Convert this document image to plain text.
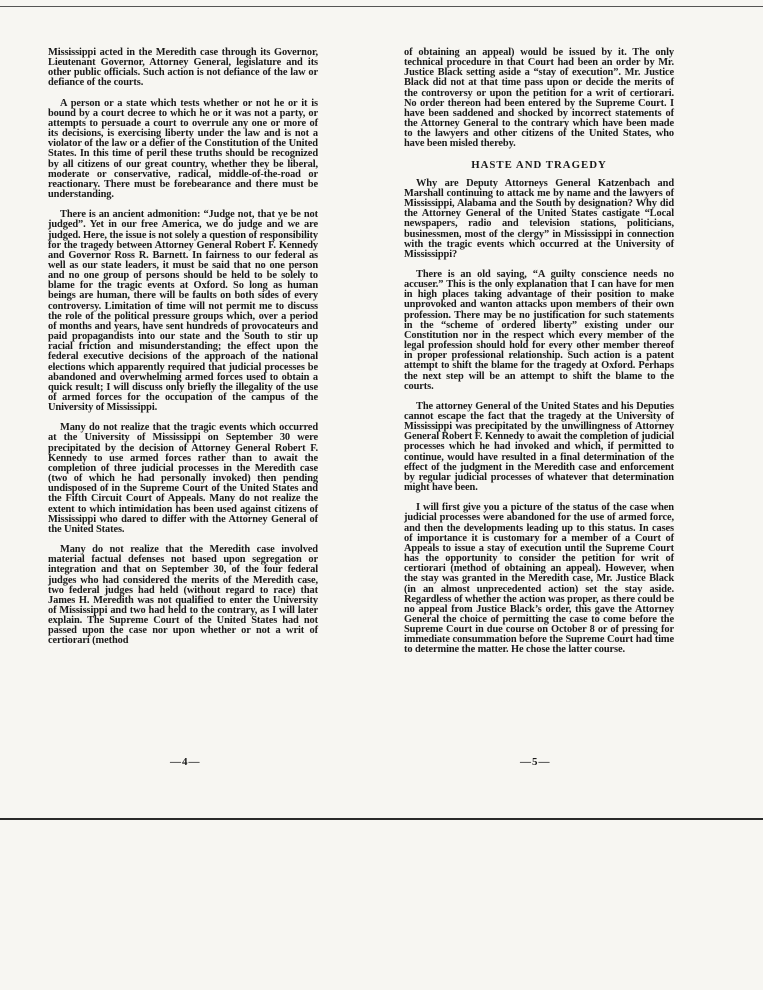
Mississippi acted in the Meredith case through its Governor, Lieutenant Governor, Attorney General, legislature and its other public officials. Such action is not defiance of the law or defiance of the courts.

A person or a state which tests whether or not he or it is bound by a court decree to which he or it was not a party, or attempts to persuade a court to overrule any one or more of its decisions, is exercising liberty under the law and is not a violator of the law or a defier of the Constitution of the United States. In this time of peril these truths should be recognized by all citizens of our great country, whether they be liberal, moderate or conservative, radical, middle-of-the-road or reactionary. There must be forebearance and there must be understanding.

There is an ancient admonition: “Judge not, that ye be not judged”. Yet in our free America, we do judge and we are judged. Here, the issue is not solely a question of responsibility for the tragedy between Attorney General Robert F. Kennedy and Governor Ross R. Barnett. In fairness to our federal as well as our state leaders, it must be said that no one person and no one group of persons should be held to be solely to blame for the tragic events at Oxford. So long as human beings are human, there will be faults on both sides of every controversy. Limitation of time will not permit me to discuss the role of the political pressure groups which, over a period of months and years, have sent hundreds of provocateurs and paid propagandists into our state and the South to stir up racial friction and misunderstanding; the effect upon the federal executive decisions of the approach of the national elections which apparently required that judicial processes be abandoned and overwhelming armed forces used to obtain a quick result; I will discuss only briefly the illegality of the use of armed forces for the occupation of the campus of the University of Mississippi.

Many do not realize that the tragic events which occurred at the University of Mississippi on September 30 were precipitated by the decision of Attorney General Robert F. Kennedy to use armed forces rather than to await the completion of three judicial processes in the Meredith case (two of which he had personally invoked) then pending undisposed of in the Supreme Court of the United States and the Fifth Circuit Court of Appeals. Many do not realize the extent to which intimidation has been used against citizens of Mississippi who dared to differ with the Attorney General of the United States.

Many do not realize that the Meredith case involved material factual defenses not based upon segregation or integration and that on September 30, of the four federal judges who had considered the merits of the Meredith case, two federal judges had held (without regard to race) that James H. Meredith was not qualified to enter the University of Mississippi and two had held to the contrary, as I will later explain. The Supreme Court of the United States had not passed upon the case nor upon whether or not a writ of certiorari (method

of obtaining an appeal) would be issued by it. The only technical procedure in that Court had been an order by Mr. Justice Black setting aside a “stay of execution”. Mr. Justice Black did not at that time pass upon or decide the merits of the controversy or upon the petition for a writ of certiorari. No order thereon had been entered by the Supreme Court. I have been saddened and shocked by incorrect statements of the Attorney General to the contrary which have been made to the lawyers and other citizens of the United States, who have been misled thereby.

HASTE AND TRAGEDY

Why are Deputy Attorneys General Katzenbach and Marshall continuing to attack me by name and the lawyers of Mississippi, Alabama and the South by designation? Why did the Attorney General of the United States castigate “Local newspapers, radio and television stations, politicians, businessmen, most of the clergy” in Mississippi in connection with the tragic events which occurred at the University of Mississippi?

There is an old saying, “A guilty conscience needs no accuser.” This is the only explanation that I can have for men in high places taking advantage of their position to make unprovoked and wanton attacks upon members of their own profession. There may be no justification for such statements in the “scheme of ordered liberty” existing under our Constitution nor in the respect which every member of the legal profession should hold for every other member thereof in proper professional relationship. Such action is a patent attempt to shift the blame for the tragedy at Oxford. Perhaps the next step will be an attempt to shift the blame to the courts.

The attorney General of the United States and his Deputies cannot escape the fact that the tragedy at the University of Mississippi was precipitated by the unwillingness of Attorney General Robert F. Kennedy to await the completion of judicial processes which he had invoked and which, if permitted to continue, would have resulted in a final determination of the effect of the judgment in the Meredith case and enforcement by regular judicial processes of whatever that determination might have been.

I will first give you a picture of the status of the case when judicial processes were abandoned for the use of armed force, and then the developments leading up to this status. In cases of importance it is customary for a member of a Court of Appeals to issue a stay of execution until the Supreme Court has the opportunity to consider the petition for writ of certiorari (method of obtaining an appeal). However, when the stay was granted in the Meredith case, Mr. Justice Black (in an almost unprecedented action) set the stay aside. Regardless of whether the action was proper, as there could be no appeal from Justice Black’s order, this gave the Attorney General the choice of permitting the case to come before the Supreme Court in due course on October 8 or of pressing for immediate consummation before the Supreme Court had time to determine the matter. He chose the latter course.

—4—	—5—
